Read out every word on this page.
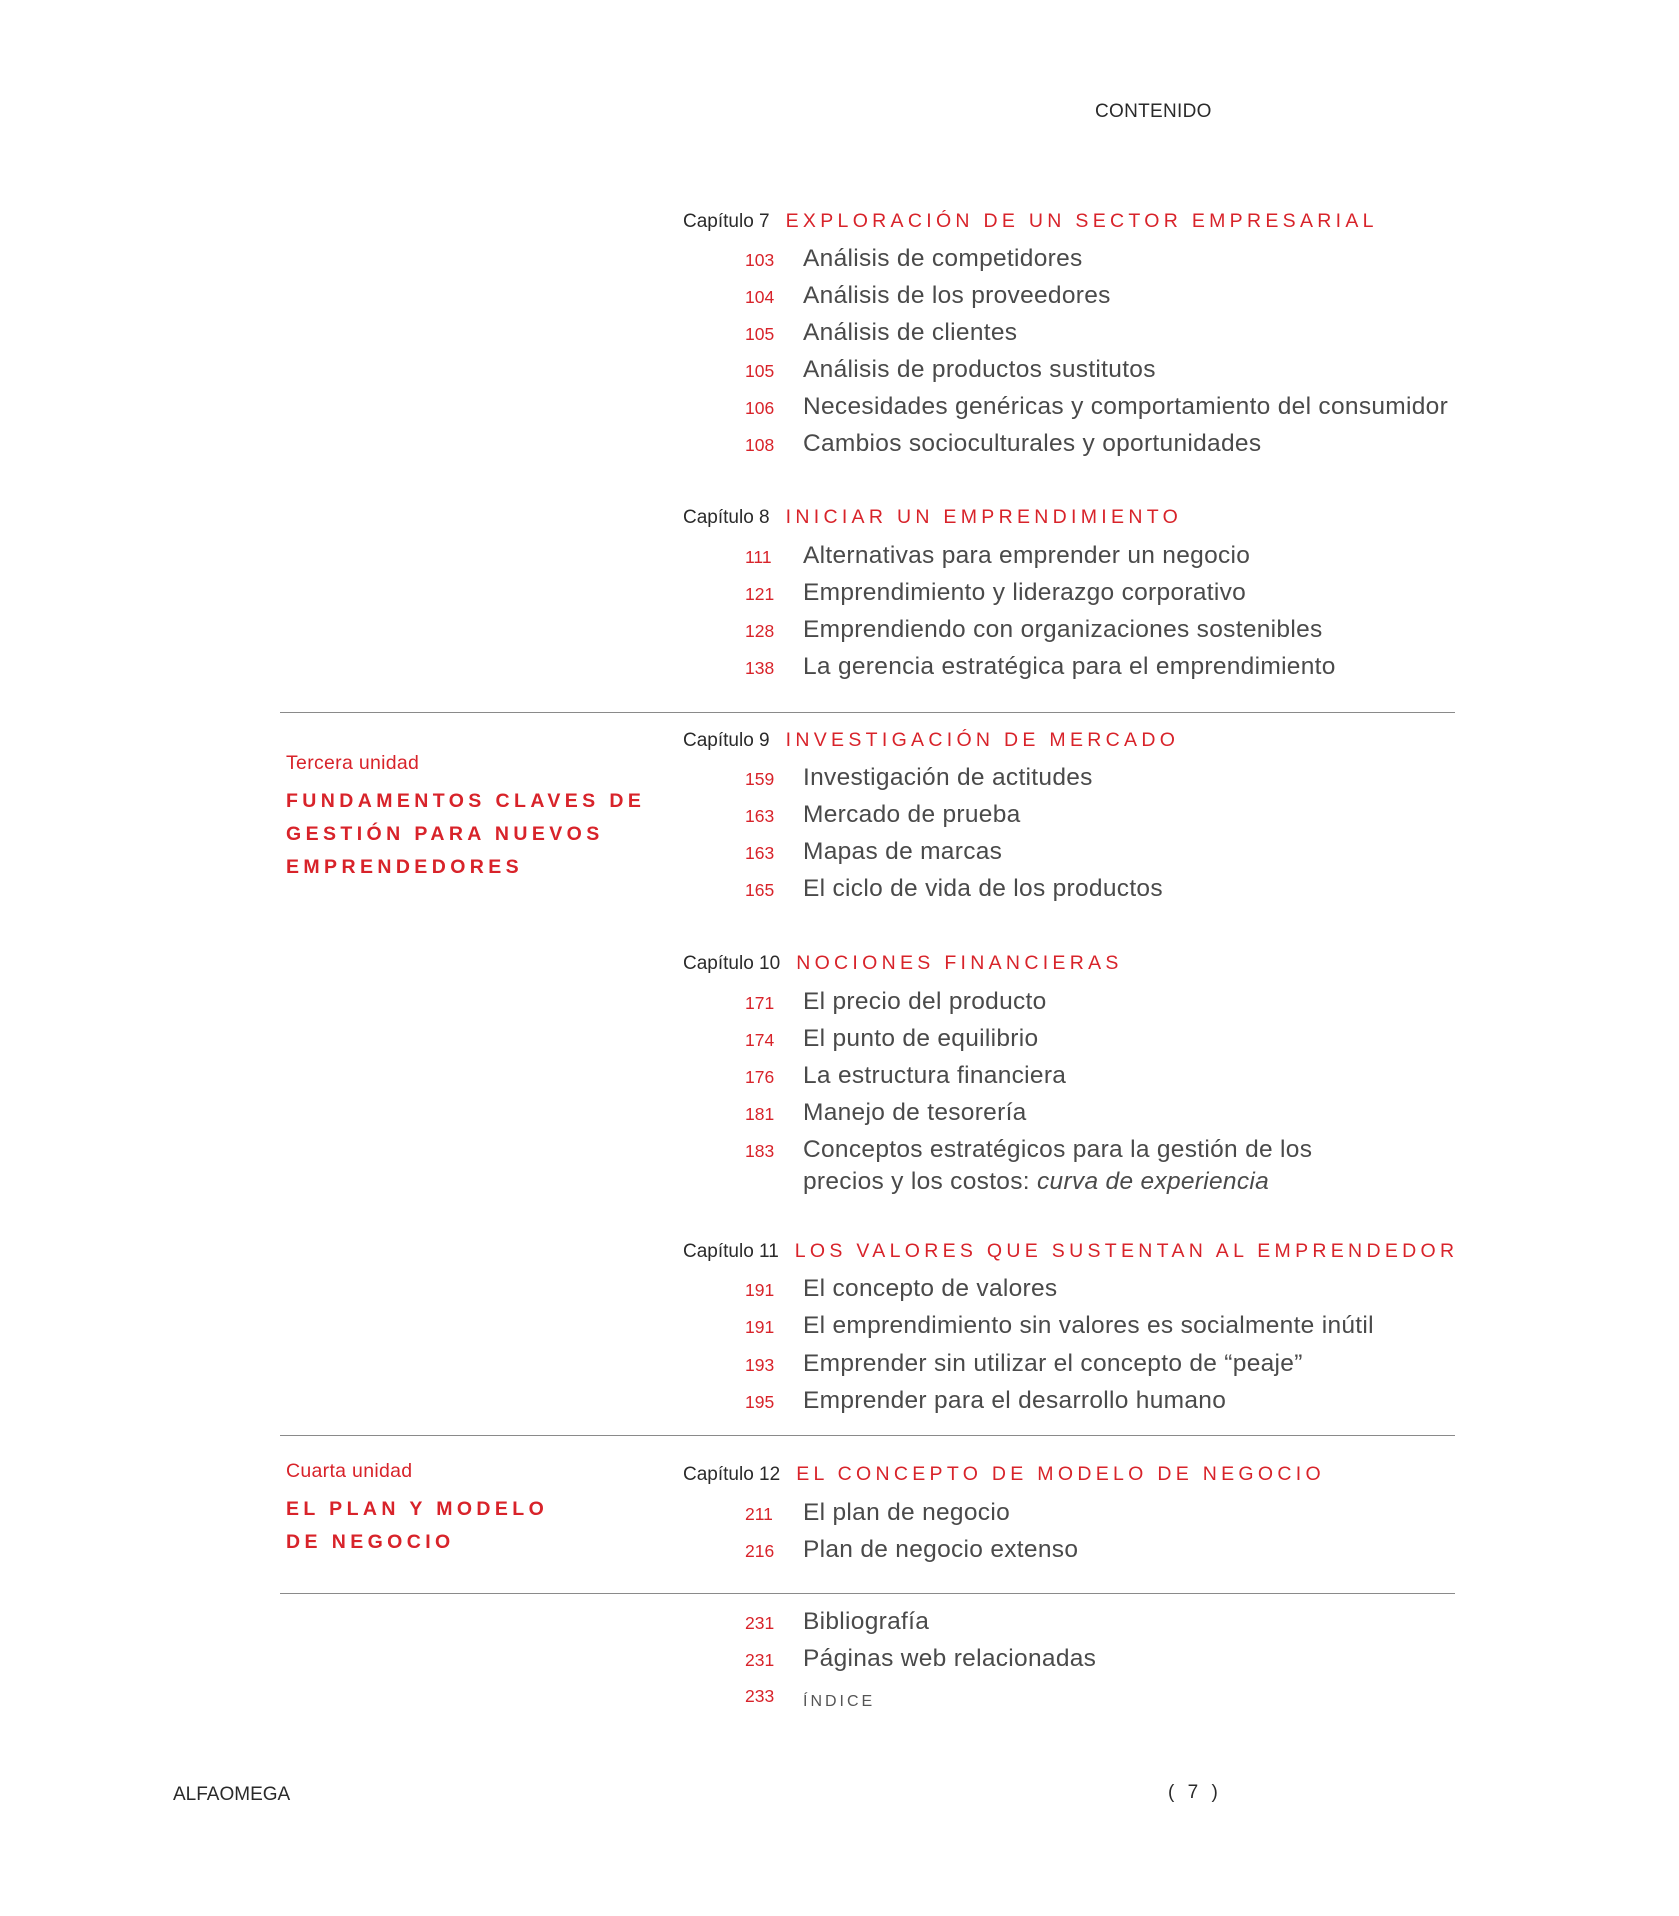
CONTENIDO
Capítulo 7 EXPLORACIÓN DE UN SECTOR EMPRESARIAL
103 Análisis de competidores
104 Análisis de los proveedores
105 Análisis de clientes
105 Análisis de productos sustitutos
106 Necesidades genéricas y comportamiento del consumidor
108 Cambios socioculturales y oportunidades
Capítulo 8 INICIAR UN EMPRENDIMIENTO
111 Alternativas para emprender un negocio
121 Emprendimiento y liderazgo corporativo
128 Emprendiendo con organizaciones sostenibles
138 La gerencia estratégica para el emprendimiento
Tercera unidad
FUNDAMENTOS CLAVES DE
GESTIÓN PARA NUEVOS
EMPRENDEDORES
Capítulo 9 INVESTIGACIÓN DE MERCADO
159 Investigación de actitudes
163 Mercado de prueba
163 Mapas de marcas
165 El ciclo de vida de los productos
Capítulo 10 NOCIONES FINANCIERAS
171 El precio del producto
174 El punto de equilibrio
176 La estructura financiera
181 Manejo de tesorería
183 Conceptos estratégicos para la gestión de los
precios y los costos: curva de experiencia
Capítulo 11 LOS VALORES QUE SUSTENTAN AL EMPRENDEDOR
191 El concepto de valores
191 El emprendimiento sin valores es socialmente inútil
193 Emprender sin utilizar el concepto de “peaje”
195 Emprender para el desarrollo humano
Cuarta unidad
EL PLAN Y MODELO
DE NEGOCIO
Capítulo 12 EL CONCEPTO DE MODELO DE NEGOCIO
211 El plan de negocio
216 Plan de negocio extenso
231 Bibliografía
231 Páginas web relacionadas
233 ÍNDICE
ALFAOMEGA	( 7 )
